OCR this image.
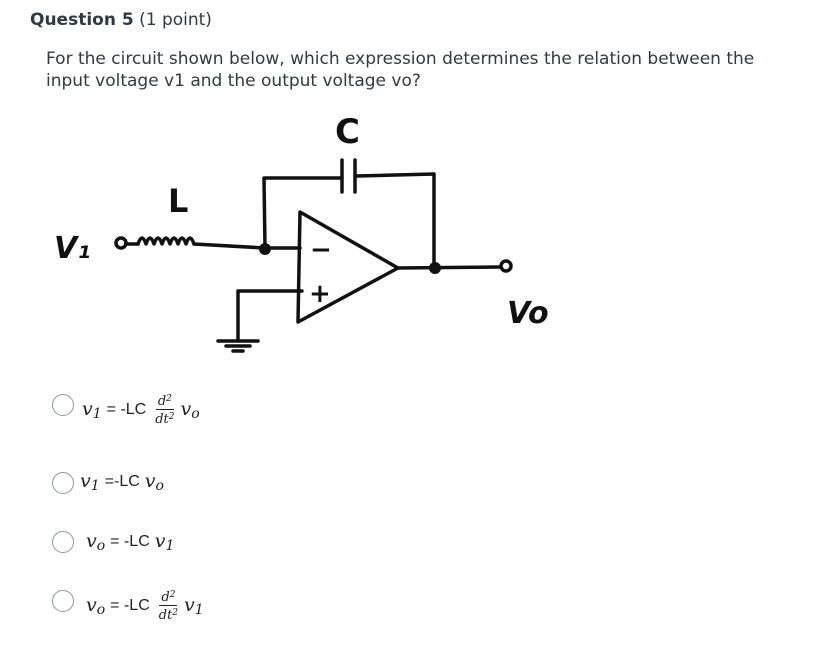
Question 5 (1 point)
For the circuit shown below, which expression determines the relation between the input voltage v1 and the output voltage vo?
C
L
V₁
Vo
−
+
$v_1 = -LC \frac{d^2}{dt^2} v_o$
$v_1 =-LC$ $v_o$
$v_o = -LC$ $v_1$
$v_o = -LC \frac{d^2}{dt^2} v_1$
